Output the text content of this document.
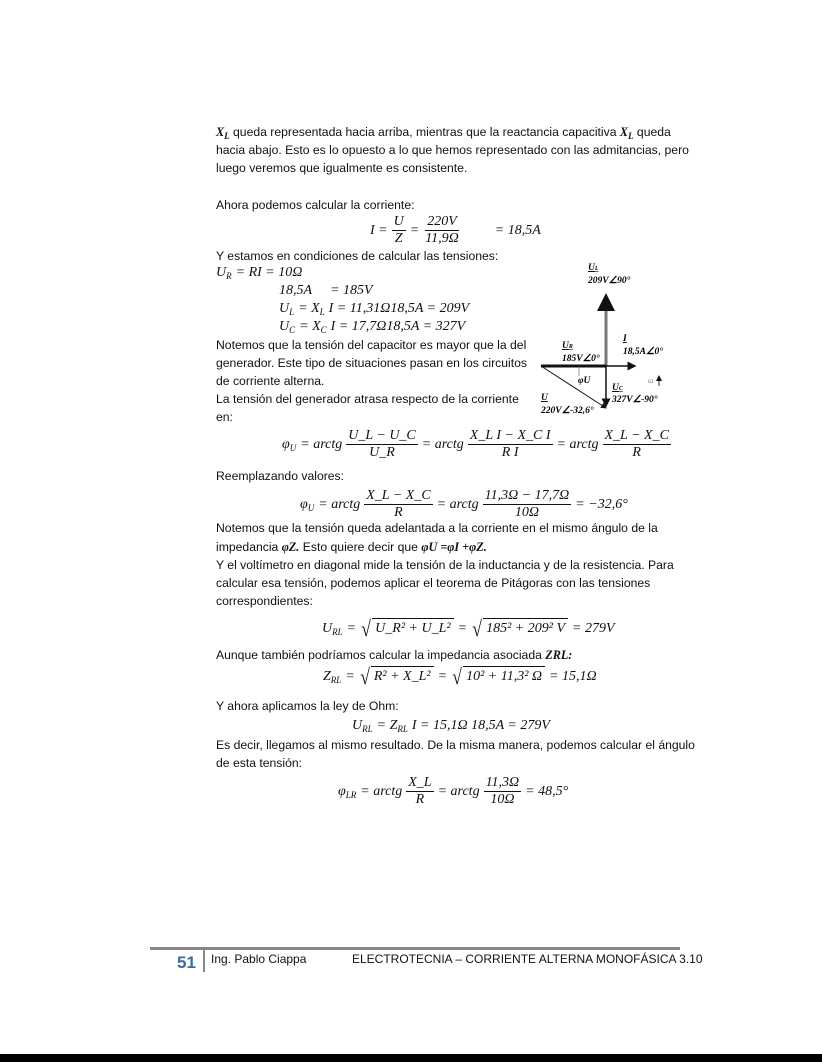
$X_L$ queda representada hacia arriba, mientras que la reactancia capacitiva $X_L$ queda
hacia abajo. Esto es lo opuesto a lo que hemos representado con las admitancias, pero
luego veremos que igualmente es consistente.
Ahora podemos calcular la corriente:
$I = \frac{U}{Z} = \frac{220V}{11,9\Omega} = 18,5A$
Y estamos en condiciones de calcular las tensiones:
$U_R$ = RI = 10Ω
18,5A = 185V
$U_L = X_L$ I = 11,31Ω18,5A = 209V
$U_C = X_C$ I = 17,7Ω18,5A = 327V
Notemos que la tensión del capacitor es mayor que la del
generador. Este tipo de situaciones pasan en los circuitos
de corriente alterna.
La tensión del generador atrasa respecto de la corriente
en:
UL
209V∠90°
UR
185V∠0°
I
18,5A∠0°
UC
327V∠-90°
U
220V∠-32,6°
φU	ω
$\varphi_U$ = arctg $\frac{U\_L - U\_C}{U\_R}$ = arctg $\frac{\text{X\_L I − X\_C I}}{\text{R I}}$ = arctg
X_L − X_C
R
Reemplazando valores:
$\varphi_U$ = arctg $\frac{X\_L - X\_C}{R}$ = arctg $\frac{11,3\Omega - 17,7\Omega}{10\Omega} = -32,6^\circ$
Notemos que la tensión queda adelantada a la corriente en el mismo ángulo de la
impedancia φZ. Esto quiere decir que φU =φI +φZ.
Y el voltímetro en diagonal mide la tensión de la inductancia y de la resistencia. Para
calcular esa tensión, podemos aplicar el teorema de Pitágoras con las tensiones
correspondientes:
$U_{RL}$ = √ U_R² + U_L² = √ 185² + 209² V = 279V
Aunque también podríamos calcular la impedancia asociada ZRL:
$Z_{RL}$ = √ R² + X_L² = √ 10² + 11,3² Ω = 15,1Ω
Y ahora aplicamos la ley de Ohm:
$U_{RL} = Z_{RL}$ I = 15,1Ω 18,5A = 279V
Es decir, llegamos al mismo resultado. De la misma manera, podemos calcular el ángulo
de esta tensión:
$\varphi_{LR}$ = arctg $\frac{X\_L}{R}$ = arctg $\frac{11,3\Omega}{10\Omega} = 48,5^\circ$
51 Ing. Pablo Ciappa	ELECTROTECNIA – CORRIENTE ALTERNA MONOFÁSICA 3.10
